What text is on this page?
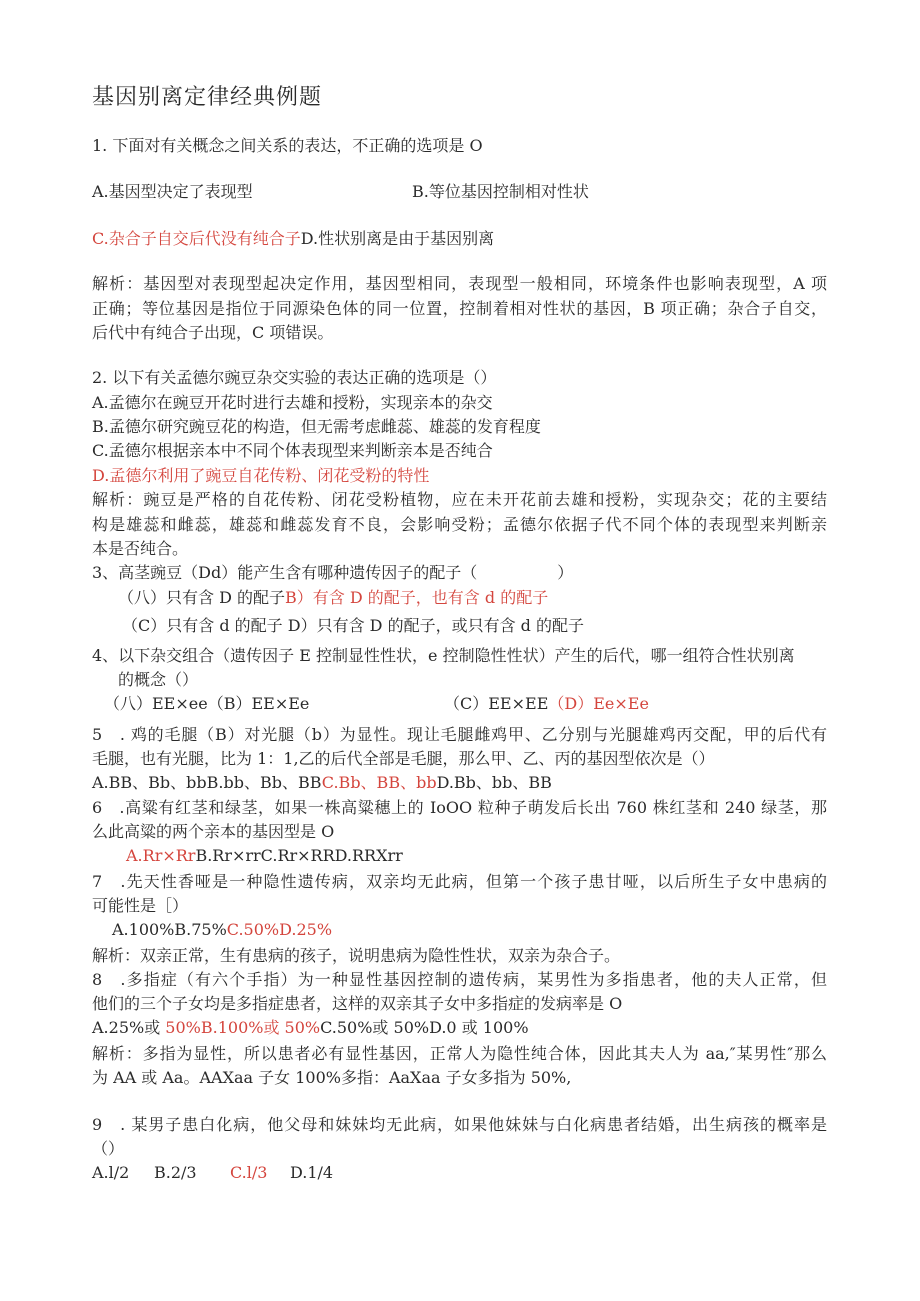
基因别离定律经典例题
1. 下面对有关概念之间关系的表达，不正确的选项是 O
A.基因型决定了表现型	B.等位基因控制相对性状
C.杂合子自交后代没有纯合子D.性状别离是由于基因别离
解析：基因型对表现型起决定作用，基因型相同，表现型一般相同，环境条件也影响表现型，A 项
正确；等位基因是指位于同源染色体的同一位置，控制着相对性状的基因，B 项正确；杂合子自交，
后代中有纯合子出现，C 项错误。
2. 以下有关孟德尔豌豆杂交实验的表达正确的选项是（）
A.孟德尔在豌豆开花时进行去雄和授粉，实现亲本的杂交
B.孟德尔研究豌豆花的构造，但无需考虑雌蕊、雄蕊的发育程度
C.孟德尔根据亲本中不同个体表现型来判断亲本是否纯合
D.孟德尔利用了豌豆自花传粉、闭花受粉的特性
解析：豌豆是严格的自花传粉、闭花受粉植物，应在未开花前去雄和授粉，实现杂交；花的主要结
构是雄蕊和雌蕊，雄蕊和雌蕊发育不良，会影响受粉；孟德尔依据子代不同个体的表现型来判断亲
本是否纯合。
3、高茎豌豆（Dd）能产生含有哪种遗传因子的配子（　　　　　）
（八）只有含 D 的配子B）有含 D 的配子，也有含 d 的配子
（C）只有含 d 的配子 D）只有含 D 的配子，或只有含 d 的配子
4、以下杂交组合（遗传因子 E 控制显性性状，e 控制隐性性状）产生的后代，哪一组符合性状别离
的概念（）
（八）EE×ee（B）EE×Ee	（C）EE×EE（D）Ee×Ee
5　. 鸡的毛腿（B）对光腿（b）为显性。现让毛腿雌鸡甲、乙分别与光腿雄鸡丙交配，甲的后代有
毛腿，也有光腿，比为 1：1,乙的后代全部是毛腿，那么甲、乙、丙的基因型依次是（）
A.BB、Bb、bbB.bb、Bb、BBC.Bb、BB、bbD.Bb、bb、BB
6　.高粱有红茎和绿茎，如果一株高粱穗上的 IoOO 粒种子萌发后长出 760 株红茎和 240 绿茎，那
么此高粱的两个亲本的基因型是 O
A.Rr×RrB.Rr×rrC.Rr×RRD.RRXrr
7　.先天性香哑是一种隐性遗传病，双亲均无此病，但第一个孩子患甘哑，以后所生子女中患病的
可能性是［）
A.100%B.75%C.50%D.25%
解析：双亲正常，生有患病的孩子，说明患病为隐性性状，双亲为杂合子。
8　.多指症（有六个手指）为一种显性基因控制的遗传病，某男性为多指患者，他的夫人正常，但
他们的三个子女均是多指症患者，这样的双亲其子女中多指症的发病率是 O
A.25%或 50%B.100%或 50%C.50%或 50%D.0 或 100%
解析：多指为显性，所以患者必有显性基因，正常人为隐性纯合体，因此其夫人为 aa,″某男性″那么
为 AA 或 Aa。AAXaa 子女 100%多指：AaXaa 子女多指为 50%,
9　. 某男子患白化病，他父母和妹妹均无此病，如果他妹妹与白化病患者结婚，出生病孩的概率是
（）
A.l/2 B.2/3 C.l/3 D.1/4
